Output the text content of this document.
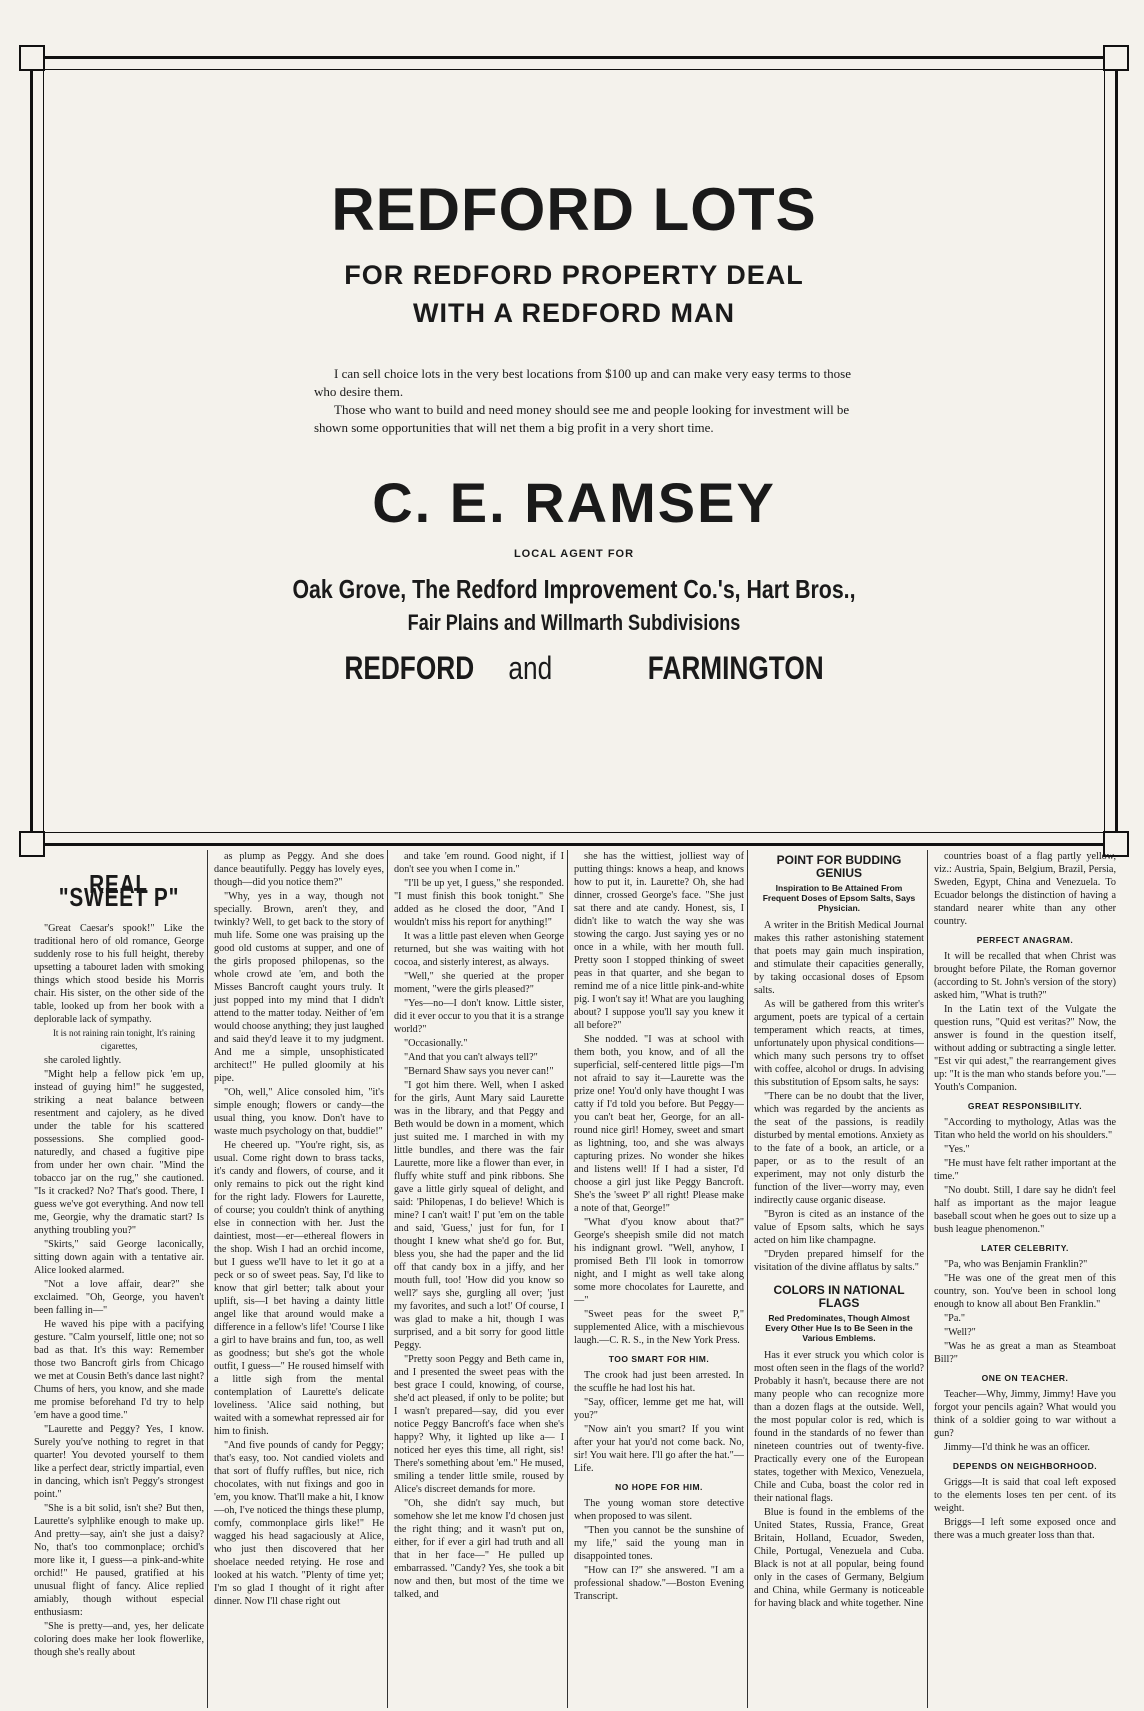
REDFORD LOTS
FOR REDFORD PROPERTY DEAL
WITH A REDFORD MAN

I can sell choice lots in the very best locations from $100 up and can make very easy terms to those who desire them.

Those who want to build and need money should see me and people looking for investment will be shown some opportunities that will net them a big profit in a very short time.

C. E. RAMSEY
LOCAL AGENT FOR
Oak Grove, The Redford Improvement Co.'s, Hart Bros.,
Fair Plains and Willmarth Subdivisions
REDFORD and	FARMINGTON
REAL "SWEET P"

"Great Caesar's spook!" Like the traditional hero of old romance, George suddenly rose to his full height, thereby upsetting a tabouret laden with smoking things which stood beside his Morris chair. His sister, on the other side of the table, looked up from her book with a deplorable lack of sympathy.

It is not raining rain tonight, It's raining cigarettes,

she caroled lightly.

"Might help a fellow pick 'em up, instead of guying him!" he suggested, striking a neat balance between resentment and cajolery, as he dived under the table for his scattered possessions. She complied good-naturedly, and chased a fugitive pipe from under her own chair. "Mind the tobacco jar on the rug," she cautioned. "Is it cracked? No? That's good. There, I guess we've got everything. And now tell me, Georgie, why the dramatic start? Is anything troubling you?"

"Skirts," said George laconically, sitting down again with a tentative air. Alice looked alarmed.

"Not a love affair, dear?" she exclaimed. "Oh, George, you haven't been falling in—"

He waved his pipe with a pacifying gesture. "Calm yourself, little one; not so bad as that. It's this way: Remember those two Bancroft girls from Chicago we met at Cousin Beth's dance last night? Chums of hers, you know, and she made me promise beforehand I'd try to help 'em have a good time."

"Laurette and Peggy? Yes, I know. Surely you've nothing to regret in that quarter! You devoted yourself to them like a perfect dear, strictly impartial, even in dancing, which isn't Peggy's strongest point."

"She is a bit solid, isn't she? But then, Laurette's sylphlike enough to make up. And pretty—say, ain't she just a daisy? No, that's too commonplace; orchid's more like it, I guess—a pink-and-white orchid!" He paused, gratified at his unusual flight of fancy. Alice replied amiably, though without especial enthusiasm:

"She is pretty—and, yes, her delicate coloring does make her look flowerlike, though she's really about

as plump as Peggy. And she does dance beautifully. Peggy has lovely eyes, though—did you notice them?"

"Why, yes in a way, though not specially. Brown, aren't they, and twinkly? Well, to get back to the story of muh life. Some one was praising up the good old customs at supper, and one of the girls proposed philopenas, so the whole crowd ate 'em, and both the Misses Bancroft caught yours truly. It just popped into my mind that I didn't attend to the matter today. Neither of 'em would choose anything; they just laughed and said they'd leave it to my judgment. And me a simple, unsophisticated architect!" He pulled gloomily at his pipe.

"Oh, well," Alice consoled him, "it's simple enough; flowers or candy—the usual thing, you know. Don't have to waste much psychology on that, buddie!"

He cheered up. "You're right, sis, as usual. Come right down to brass tacks, it's candy and flowers, of course, and it only remains to pick out the right kind for the right lady. Flowers for Laurette, of course; you couldn't think of anything else in connection with her. Just the daintiest, most—er—ethereal flowers in the shop. Wish I had an orchid income, but I guess we'll have to let it go at a peck or so of sweet peas. Say, I'd like to know that girl better; talk about your uplift, sis—I bet having a dainty little angel like that around would make a difference in a fellow's life! 'Course I like a girl to have brains and fun, too, as well as goodness; but she's got the whole outfit, I guess—" He roused himself with a little sigh from the mental contemplation of Laurette's delicate loveliness. 'Alice said nothing, but waited with a somewhat repressed air for him to finish.

"And five pounds of candy for Peggy; that's easy, too. Not candied violets and that sort of fluffy ruffles, but nice, rich chocolates, with nut fixings and goo in 'em, you know. That'll make a hit, I know—oh, I've noticed the things these plump, comfy, commonplace girls like!" He wagged his head sagaciously at Alice, who just then discovered that her shoelace needed retying. He rose and looked at his watch. "Plenty of time yet; I'm so glad I thought of it right after dinner. Now I'll chase right out

and take 'em round. Good night, if I don't see you when I come in."

"I'll be up yet, I guess," she responded. "I must finish this book tonight." She added as he closed the door, "And I wouldn't miss his report for anything!"

It was a little past eleven when George returned, but she was waiting with hot cocoa, and sisterly interest, as always.

"Well," she queried at the proper moment, "were the girls pleased?"

"Yes—no—I don't know. Little sister, did it ever occur to you that it is a strange world?"

"Occasionally."

"And that you can't always tell?"

"Bernard Shaw says you never can!"

"I got him there. Well, when I asked for the girls, Aunt Mary said Laurette was in the library, and that Peggy and Beth would be down in a moment, which just suited me. I marched in with my little bundles, and there was the fair Laurette, more like a flower than ever, in fluffy white stuff and pink ribbons. She gave a little girly squeal of delight, and said: 'Philopenas, I do believe! Which is mine? I can't wait! I' put 'em on the table and said, 'Guess,' just for fun, for I thought I knew what she'd go for. But, bless you, she had the paper and the lid off that candy box in a jiffy, and her mouth full, too! 'How did you know so well?' says she, gurgling all over; 'just my favorites, and such a lot!' Of course, I was glad to make a hit, though I was surprised, and a bit sorry for good little Peggy.

"Pretty soon Peggy and Beth came in, and I presented the sweet peas with the best grace I could, knowing, of course, she'd act pleased, if only to be polite; but I wasn't prepared—say, did you ever notice Peggy Bancroft's face when she's happy? Why, it lighted up like a— I noticed her eyes this time, all right, sis! There's something about 'em." He mused, smiling a tender little smile, roused by Alice's discreet demands for more.

"Oh, she didn't say much, but somehow she let me know I'd chosen just the right thing; and it wasn't put on, either, for if ever a girl had truth and all that in her face—" He pulled up embarrassed. "Candy? Yes, she took a bit now and then, but most of the time we talked, and

she has the wittiest, jolliest way of putting things: knows a heap, and knows how to put it, in. Laurette? Oh, she had dinner, crossed George's face. "She just sat there and ate candy. Honest, sis, I didn't like to watch the way she was stowing the cargo. Just saying yes or no once in a while, with her mouth full. Pretty soon I stopped thinking of sweet peas in that quarter, and she began to remind me of a nice little pink-and-white pig. I won't say it! What are you laughing about? I suppose you'll say you knew it all before?"

She nodded. "I was at school with them both, you know, and of all the superficial, self-centered little pigs—I'm not afraid to say it—Laurette was the prize one! You'd only have thought I was catty if I'd told you before. But Peggy—you can't beat her, George, for an all-round nice girl! Homey, sweet and smart as lightning, too, and she was always capturing prizes. No wonder she hikes and listens well! If I had a sister, I'd choose a girl just like Peggy Bancroft. She's the 'sweet P' all right! Please make a note of that, George!"

"What d'you know about that?" George's sheepish smile did not match his indignant growl. "Well, anyhow, I promised Beth I'll look in tomorrow night, and I might as well take along some more chocolates for Laurette, and—"

"Sweet peas for the sweet P," supplemented Alice, with a mischievous laugh.—C. R. S., in the New York Press.

TOO SMART FOR HIM.

The crook had just been arrested. In the scuffle he had lost his hat.

"Say, officer, lemme get me hat, will you?"

"Now ain't you smart? If you wint after your hat you'd not come back. No, sir! You wait here. I'll go after the hat."—Life.

NO HOPE FOR HIM.

The young woman store detective when proposed to was silent.

"Then you cannot be the sunshine of my life," said the young man in disappointed tones.

"How can I?" she answered. "I am a professional shadow."—Boston Evening Transcript.

POINT FOR BUDDING GENIUS
Inspiration to Be Attained From Frequent Doses of Epsom Salts, Says Physician.

A writer in the British Medical Journal makes this rather astonishing statement that poets may gain much inspiration, and stimulate their capacities generally, by taking occasional doses of Epsom salts.

As will be gathered from this writer's argument, poets are typical of a certain temperament which reacts, at times, unfortunately upon physical conditions—which many such persons try to offset with coffee, alcohol or drugs. In advising this substitution of Epsom salts, he says:

"There can be no doubt that the liver, which was regarded by the ancients as the seat of the passions, is readily disturbed by mental emotions. Anxiety as to the fate of a book, an article, or a paper, or as to the result of an experiment, may not only disturb the function of the liver—worry may, even indirectly cause organic disease.

"Byron is cited as an instance of the value of Epsom salts, which he says acted on him like champagne.

"Dryden prepared himself for the visitation of the divine afflatus by salts."

COLORS IN NATIONAL FLAGS
Red Predominates, Though Almost Every Other Hue Is to Be Seen in the Various Emblems.

Has it ever struck you which color is most often seen in the flags of the world? Probably it hasn't, because there are not many people who can recognize more than a dozen flags at the outside. Well, the most popular color is red, which is found in the standards of no fewer than nineteen countries out of twenty-five. Practically every one of the European states, together with Mexico, Venezuela, Chile and Cuba, boast the color red in their national flags.

Blue is found in the emblems of the United States, Russia, France, Great Britain, Holland, Ecuador, Sweden, Chile, Portugal, Venezuela and Cuba. Black is not at all popular, being found only in the cases of Germany, Belgium and China, while Germany is noticeable for having black and white together. Nine

countries boast of a flag partly yellow, viz.: Austria, Spain, Belgium, Brazil, Persia, Sweden, Egypt, China and Venezuela. To Ecuador belongs the distinction of having a standard nearer white than any other country.

PERFECT ANAGRAM.

It will be recalled that when Christ was brought before Pilate, the Roman governor (according to St. John's version of the story) asked him, "What is truth?"

In the Latin text of the Vulgate the question runs, "Quid est veritas?" Now, the answer is found in the question itself, without adding or subtracting a single letter. "Est vir qui adest," the rearrangement gives up: "It is the man who stands before you."—Youth's Companion.

GREAT RESPONSIBILITY.

"According to mythology, Atlas was the Titan who held the world on his shoulders."

"Yes."

"He must have felt rather important at the time."

"No doubt. Still, I dare say he didn't feel half as important as the major league baseball scout when he goes out to size up a bush league phenomenon."

LATER CELEBRITY.

"Pa, who was Benjamin Franklin?"

"He was one of the great men of this country, son. You've been in school long enough to know all about Ben Franklin."

"Pa."

"Well?"

"Was he as great a man as Steamboat Bill?"

ONE ON TEACHER.

Teacher—Why, Jimmy, Jimmy! Have you forgot your pencils again? What would you think of a soldier going to war without a gun?

Jimmy—I'd think he was an officer.

DEPENDS ON NEIGHBORHOOD.

Griggs—It is said that coal left exposed to the elements loses ten per cent. of its weight.

Briggs—I left some exposed once and there was a much greater loss than that.
